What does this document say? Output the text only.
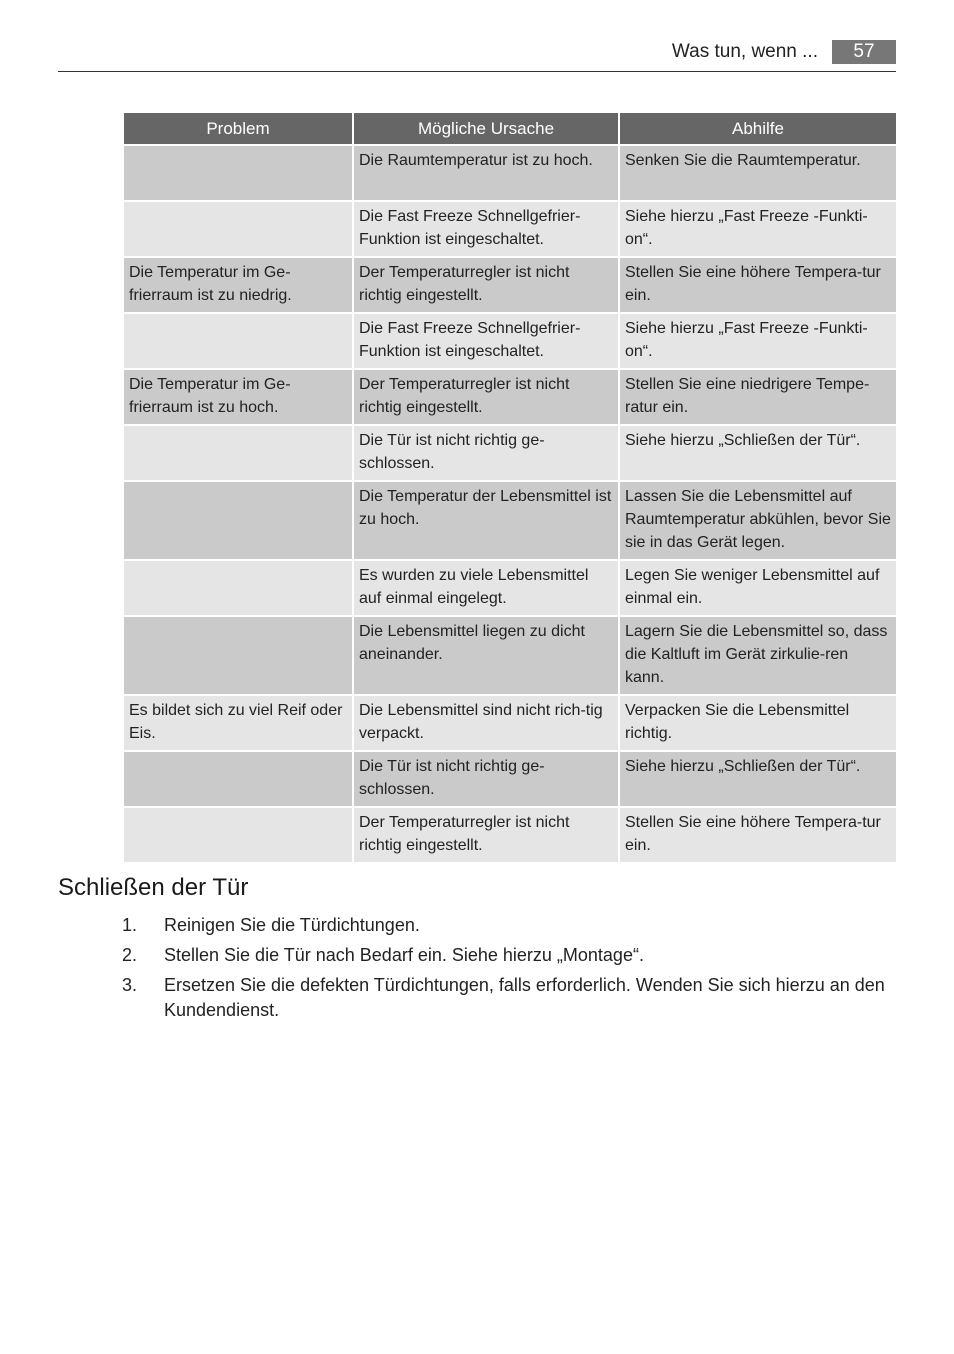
Was tun, wenn ...	57
Problem	Mögliche Ursache	Abhilfe
	Die Raumtemperatur ist zu hoch.	Senken Sie die Raumtemperatur.
	Die Fast Freeze Schnellgefrier-Funktion ist eingeschaltet.	Siehe hierzu „Fast Freeze -Funkti-on“.
Die Temperatur im Ge-frierraum ist zu niedrig.	Der Temperaturregler ist nicht richtig eingestellt.	Stellen Sie eine höhere Tempera-tur ein.
	Die Fast Freeze Schnellgefrier-Funktion ist eingeschaltet.	Siehe hierzu „Fast Freeze -Funkti-on“.
Die Temperatur im Ge-frierraum ist zu hoch.	Der Temperaturregler ist nicht richtig eingestellt.	Stellen Sie eine niedrigere Tempe-ratur ein.
	Die Tür ist nicht richtig ge-schlossen.	Siehe hierzu „Schließen der Tür“.
	Die Temperatur der Lebensmittel ist zu hoch.	Lassen Sie die Lebensmittel auf Raumtemperatur abkühlen, bevor Sie sie in das Gerät legen.
	Es wurden zu viele Lebensmittel auf einmal eingelegt.	Legen Sie weniger Lebensmittel auf einmal ein.
	Die Lebensmittel liegen zu dicht aneinander.	Lagern Sie die Lebensmittel so, dass die Kaltluft im Gerät zirkulie-ren kann.
Es bildet sich zu viel Reif oder Eis.	Die Lebensmittel sind nicht rich-tig verpackt.	Verpacken Sie die Lebensmittel richtig.
	Die Tür ist nicht richtig ge-schlossen.	Siehe hierzu „Schließen der Tür“.
	Der Temperaturregler ist nicht richtig eingestellt.	Stellen Sie eine höhere Tempera-tur ein.
Schließen der Tür
1. Reinigen Sie die Türdichtungen.
2. Stellen Sie die Tür nach Bedarf ein. Siehe hierzu „Montage“.
3. Ersetzen Sie die defekten Türdichtungen, falls erforderlich. Wenden Sie sich hierzu an den Kundendienst.
